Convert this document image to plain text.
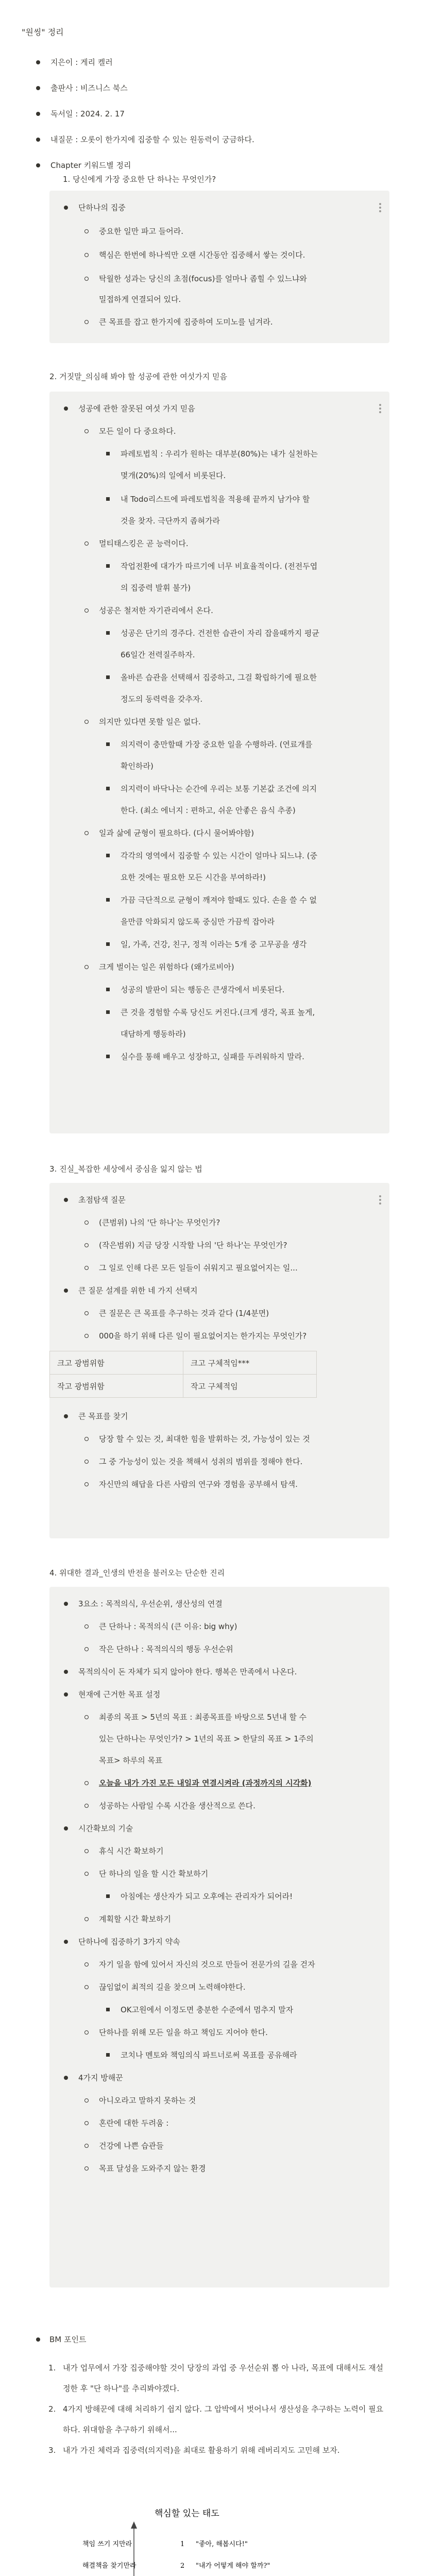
"원씽" 정리
지은이 : 게리 켈러
출판사 : 비즈니스 북스
독서일 : 2024. 2. 17
내질문 : 오롯이 한가지에 집중할 수 있는 원동력이 궁금하다.
Chapter 키워드별 정리
1. 당신에게 가장 중요한 단 하나는 무엇인가?
단하나의 집중
중요한 일만 파고 들어라.
핵심은 한번에 하나씩만 오랜 시간동안 집중해서 쌓는 것이다.
탁월한 성과는 당신의 초점(focus)를 얼마나 좁힐 수 있느냐와
밀접하게 연결되어 있다.
큰 목표를 잡고 한가지에 집중하여 도미노를 넘겨라.
2. 거짓말_의심해 봐야 할 성공에 관한 여섯가지 믿음
성공에 관한 잘못된 여섯 가지 믿음
모든 일이 다 중요하다.
파레토법칙 : 우리가 원하는 대부분(80%)는 내가 실천하는
몇개(20%)의 일에서 비롯된다.
내 Todo리스트에 파레토법칙을 적용해 끝까지 남가야 할
것을 찾자. 극단까지 좁혀가라
멀티태스킹은 곧 능력이다.
작업전환에 대가가 따르기에 너무 비효율적이다. (전전두엽
의 집중력 발휘 불가)
성공은 철저한 자기관리에서 온다.
성공은 단기의 경주다. 건전한 습관이 자리 잡을때까지 평균
66일간 전력질주하자.
올바른 습관을 선택해서 집중하고, 그걸 확립하기에 필요한
정도의 동력력을 갖추자.
의지만 있다면 못할 일은 없다.
의지력이 충만할때 가장 중요한 일을 수행하라. (연료개를
확인하라)
의지력이 바닥나는 순간에 우리는 보통 기본값 조건에 의지
한다. (최소 에너지 : 편하고, 쉬운 안좋은 음식 추종)
일과 삶에 균형이 필요하다. (다시 물어봐야함)
각각의 영역에서 집중할 수 있는 시간이 얼마나 되느냐. (중
요한 것에는 필요한 모든 시간을 부여하라!)
가끔 극단적으로 균형이 깨져야 할때도 있다. 손을 쓸 수 없
을만큼 악화되지 않도록 중심만 가끔씩 잡아라
일, 가족, 건강, 친구, 정적 이라는 5개 중 고무공을 생각
크게 벌이는 일은 위험하다 (왜가로비아)
성공의 발판이 되는 행동은 큰생각에서 비롯된다.
큰 것을 경험할 수록 당신도 커진다.(크게 생각, 목표 높게,
대담하게 행동하라)
실수를 통해 배우고 성장하고, 실패를 두려워하지 말라.
3. 진실_복잡한 세상에서 중심을 잃지 않는 법
초점탐색 질문
(큰범위) 나의 '단 하나'는 무엇인가?
(작은범위) 지금 당장 시작할 나의 '단 하나'는 무엇인가?
그 일로 인해 다른 모든 일들이 쉬워지고 필요없어지는 일...
큰 질문 설계를 위한 네 가지 선택지
큰 질문은 큰 목표를 추구하는 것과 같다 (1/4분면)
000을 하기 위해 다른 일이 필요없어지는 한가지는 무엇인가?
크고 광범위함	크고 구체적임***
작고 광범위함	작고 구체적임
큰 목표를 찾기
당장 할 수 있는 것, 최대한 힘을 발휘하는 것, 가능성이 있는 것
그 중 가능성이 있는 것을 책해서 성취의 범위를 정해야 한다.
자신만의 해답을 다른 사람의 연구와 경험을 공부해서 탐색.
4. 위대한 결과_인생의 반전을 불러오는 단순한 진리
3요소 : 목적의식, 우선순위, 생산성의 연결
큰 단하나 : 목적의식 (큰 이유: big why)
작은 단하나 : 목적의식의 행동 우선순위
목적의식이 돈 자체가 되지 않아야 한다. 행복은 만족에서 나온다.
현재에 근거한 목표 설정
최종의 목표 > 5년의 목표 : 최종목표를 바탕으로 5년내 할 수
있는 단하나는 무엇인가? > 1년의 목표 > 한달의 목표 > 1주의
목표> 하루의 목표
오늘을 내가 가진 모든 내일과 연결시켜라 (과정까지의 시각화)
성공하는 사람일 수록 시간을 생산적으로 쓴다.
시간확보의 기술
휴식 시간 확보하기
단 하나의 일을 할 시간 확보하기
아침에는 생산자가 되고 오후에는 관리자가 되어라!
계획할 시간 확보하기
단하나에 집중하기 3가지 약속
자기 일을 함에 있어서 자신의 것으로 만들어 전문가의 길을 걷자
끊임없이 최적의 길을 찾으며 노력해야한다.
OK고원에서 이정도면 충분한 수준에서 멈추지 말자
단하나를 위해 모든 일을 하고 책임도 지어야 한다.
코치나 멘토와 책임의식 파트너로써 목표를 공유해라
4가지 방해꾼
아니오라고 말하지 못하는 것
혼란에 대한 두려움 :
건강에 나쁜 습관들
목표 달성을 도와주지 않는 환경
BM 포인트
1. 내가 업무에서 가장 집중해야할 것이 당장의 과업 중 우선순위 뽑 아 나라, 목표에 대해서도 재설정한 후 "단 하나"를 추리봐야겠다.
2. 4가지 방해꾼에 대해 처리하기 쉽지 않다. 그 압박에서 벗어나서 생산성을 추구하는 노력이 필요하다. 위대함을 추구하기 위해서...
3. 내가 가진 체력과 집중력(의지력)을 최대로 활용하기 위해 레버리지도 고민해 보자.
핵심할 있는 태도
책임 쓰기 지만라	1 "좋아, 해봅시다!"
해결책을 찾기만라	2 "내가 어떻게 해야 할까?"
